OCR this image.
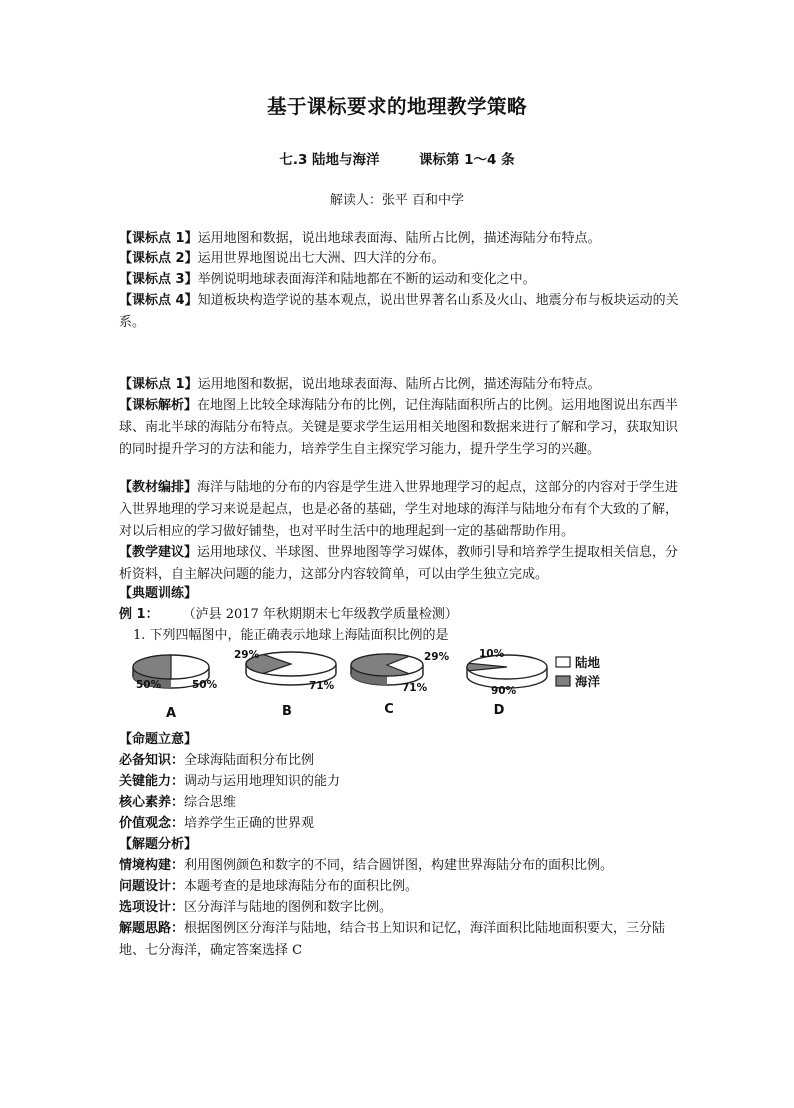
基于课标要求的地理教学策略
七.3 陆地与海洋	课标第 1～4 条
解读人：张平 百和中学
【课标点 1】运用地图和数据，说出地球表面海、陆所占比例，描述海陆分布特点。
【课标点 2】运用世界地图说出七大洲、四大洋的分布。
【课标点 3】举例说明地球表面海洋和陆地都在不断的运动和变化之中。
【课标点 4】知道板块构造学说的基本观点，说出世界著名山系及火山、地震分布与板块运动的关系。
【课标点 1】运用地图和数据，说出地球表面海、陆所占比例，描述海陆分布特点。
【课标解析】在地图上比较全球海陆分布的比例，记住海陆面积所占的比例。运用地图说出东西半球、南北半球的海陆分布特点。关键是要求学生运用相关地图和数据来进行了解和学习，获取知识的同时提升学习的方法和能力，培养学生自主探究学习能力，提升学生学习的兴趣。
【教材编排】海洋与陆地的分布的内容是学生进入世界地理学习的起点，这部分的内容对于学生进入世界地理的学习来说是起点，也是必备的基础，学生对地球的海洋与陆地分布有个大致的了解，对以后相应的学习做好铺垫，也对平时生活中的地理起到一定的基础帮助作用。
【教学建议】运用地球仪、半球图、世界地图等学习媒体，教师引导和培养学生提取相关信息，分析资料，自主解决问题的能力，这部分内容较简单，可以由学生独立完成。
【典题训练】
例 1： （泸县 2017 年秋期期末七年级教学质量检测）
1. 下列四幅图中，能正确表示地球上海陆面积比例的是
50%	50%
A
29%
71%
B
29%
71%
C
10%
90%
D
陆地
海洋
【命题立意】
必备知识：全球海陆面积分布比例
关键能力：调动与运用地理知识的能力
核心素养：综合思维
价值观念：培养学生正确的世界观
【解题分析】
情境构建：利用图例颜色和数字的不同，结合圆饼图，构建世界海陆分布的面积比例。
问题设计：本题考查的是地球海陆分布的面积比例。
选项设计：区分海洋与陆地的图例和数字比例。
解题思路：根据图例区分海洋与陆地，结合书上知识和记忆，海洋面积比陆地面积要大，三分陆地、七分海洋，确定答案选择 C
